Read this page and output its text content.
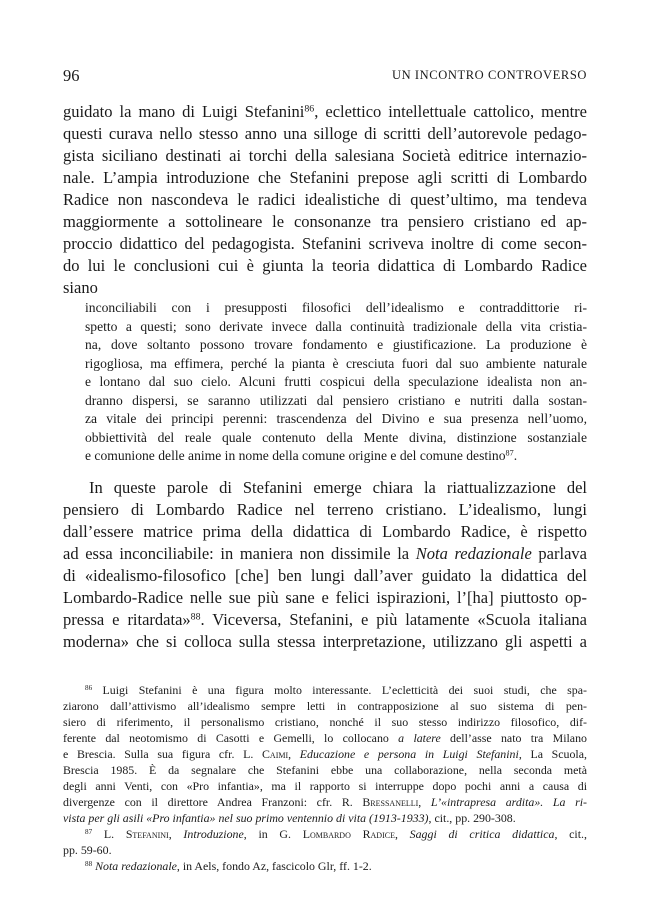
96	UN INCONTRO CONTROVERSO
guidato la mano di Luigi Stefanini$^{86}$, eclettico intellettuale cattolico, mentre
questi curava nello stesso anno una silloge di scritti dell’autorevole pedago-
gista siciliano destinati ai torchi della salesiana Società editrice internazio-
nale. L’ampia introduzione che Stefanini prepose agli scritti di Lombardo
Radice non nascondeva le radici idealistiche di quest’ultimo, ma tendeva
maggiormente a sottolineare le consonanze tra pensiero cristiano ed ap-
proccio didattico del pedagogista. Stefanini scriveva inoltre di come secon-
do lui le conclusioni cui è giunta la teoria didattica di Lombardo Radice
siano
inconciliabili con i presupposti filosofici dell’idealismo e contraddittorie ri-
spetto a questi; sono derivate invece dalla continuità tradizionale della vita cristia-
na, dove soltanto possono trovare fondamento e giustificazione. La produzione è
rigogliosa, ma effimera, perché la pianta è cresciuta fuori dal suo ambiente naturale
e lontano dal suo cielo. Alcuni frutti cospicui della speculazione idealista non an-
dranno dispersi, se saranno utilizzati dal pensiero cristiano e nutriti dalla sostan-
za vitale dei principi perenni: trascendenza del Divino e sua presenza nell’uomo,
obbiettività del reale quale contenuto della Mente divina, distinzione sostanziale
e comunione delle anime in nome della comune origine e del comune destino$^{87}$.
In queste parole di Stefanini emerge chiara la riattualizzazione del
pensiero di Lombardo Radice nel terreno cristiano. L’idealismo, lungi
dall’essere matrice prima della didattica di Lombardo Radice, è rispetto
ad essa inconciliabile: in maniera non dissimile la Nota redazionale parlava
di «idealismo-filosofico [che] ben lungi dall’aver guidato la didattica del
Lombardo-Radice nelle sue più sane e felici ispirazioni, l’[ha] piuttosto op-
pressa e ritardata»$^{88}$. Viceversa, Stefanini, e più latamente «Scuola italiana
moderna» che si colloca sulla stessa interpretazione, utilizzano gli aspetti a
$^{86}$ Luigi Stefanini è una figura molto interessante. L’ecletticità dei suoi studi, che spa-
ziarono dall’attivismo all’idealismo sempre letti in contrapposizione al suo sistema di pen-
siero di riferimento, il personalismo cristiano, nonché il suo stesso indirizzo filosofico, dif-
ferente dal neotomismo di Casotti e Gemelli, lo collocano a latere dell’asse nato tra Milano
e Brescia. Sulla sua figura cfr. L. Caimi, Educazione e persona in Luigi Stefanini, La Scuola,
Brescia 1985. È da segnalare che Stefanini ebbe una collaborazione, nella seconda metà
degli anni Venti, con «Pro infantia», ma il rapporto si interruppe dopo pochi anni a causa di
divergenze con il direttore Andrea Franzoni: cfr. R. Bressanelli, L’«intrapresa ardita». La ri-
vista per gli asili «Pro infantia» nel suo primo ventennio di vita (1913-1933), cit., pp. 290-308.
$^{87}$ L. Stefanini, Introduzione, in G. Lombardo Radice, Saggi di critica didattica, cit.,
pp. 59-60.
$^{88}$ Nota redazionale, in Aels, fondo Az, fascicolo Glr, ff. 1-2.
